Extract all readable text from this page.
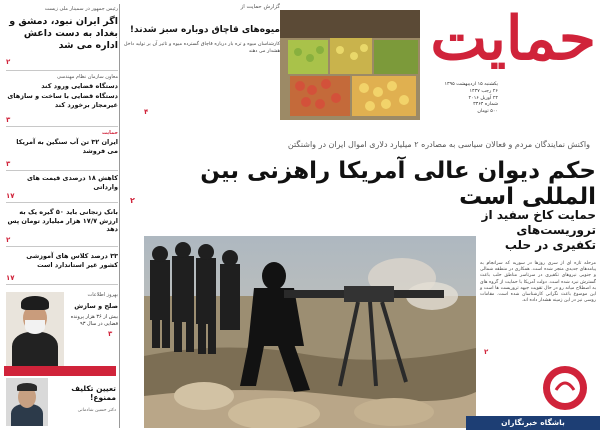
رئیس جمهور در سمینار ملی زیست
اگر ایران نبود، دمشق و بغداد به دست داعش اداره می شد
۲
معاون سازمان نظام مهندسی
دستگاه قضایی ورود کند
دستگاه قضایی با ساخت و سازهای غیرمجاز برخورد کند
۳
حمایت
ایران ۳۲ تن آب سنگین به آمریکا می فروشد
۳
کاهش ۱۸ درصدی قیمت های وارداتی
۱۷
بانک زنجانی باید ۵۰ گیره یک به ارزش ۱۷/۷ هزار میلیارد تومان پس دهد
۲
۳۳ درصد کلاس های آموزشی کشور غیر استاندارد است
۱۷
بهروز اطلاعات
صلح و سازش
بیش از ۳۶ هزار پرونده قضایی در سال ۹۳
۳
یادداشت
تعیین تکلیف ممنوع!
دکتر حسین شادمانی
گزارش حمایت از
میوه‌های قاچاق دوباره سبز شدند!
کارشناسان میوه و تره بار درباره قاچاق گسترده میوه و تاثیر آن بر تولید داخل هشدار می دهند
۴
حمایت
یکشنبه ۱۵ اردیبهشت ۱۳۹۵
۲۶ رجب ۱۴۳۷
۲۴ آوریل ۲۰۱۶
شماره ۳۳۶۴
۵۰۰ تومان
واکنش نمایندگان مردم و فعالان سیاسی به مصادره ۲ میلیارد دلاری اموال ایران در واشنگتن
حکم دیوان عالی آمریکا راهزنی بین المللی است
۲
حمایت کاخ سفید از تروریست‌های تکفیری در حلب
مرحله تازه ای از سری روزها در سوریه که سرانجام به پیامدهای جدیدی منجر شده است. همکاری در منطقه شمالی و جنوبی نیروهای تکفیری در سرتاسر مناطق حلب باعث گسترش نبرد شده است. دولت آمریکا با حمایت از گروه های به اصطلاح میانه رو در حال تقویت جبهه تروریست ها است و این موضوع باعث نگرانی کارشناسان شده است. مقامات روسی نیز در این زمینه هشدار داده اند.
۲
باشگاه خبرنگاران
